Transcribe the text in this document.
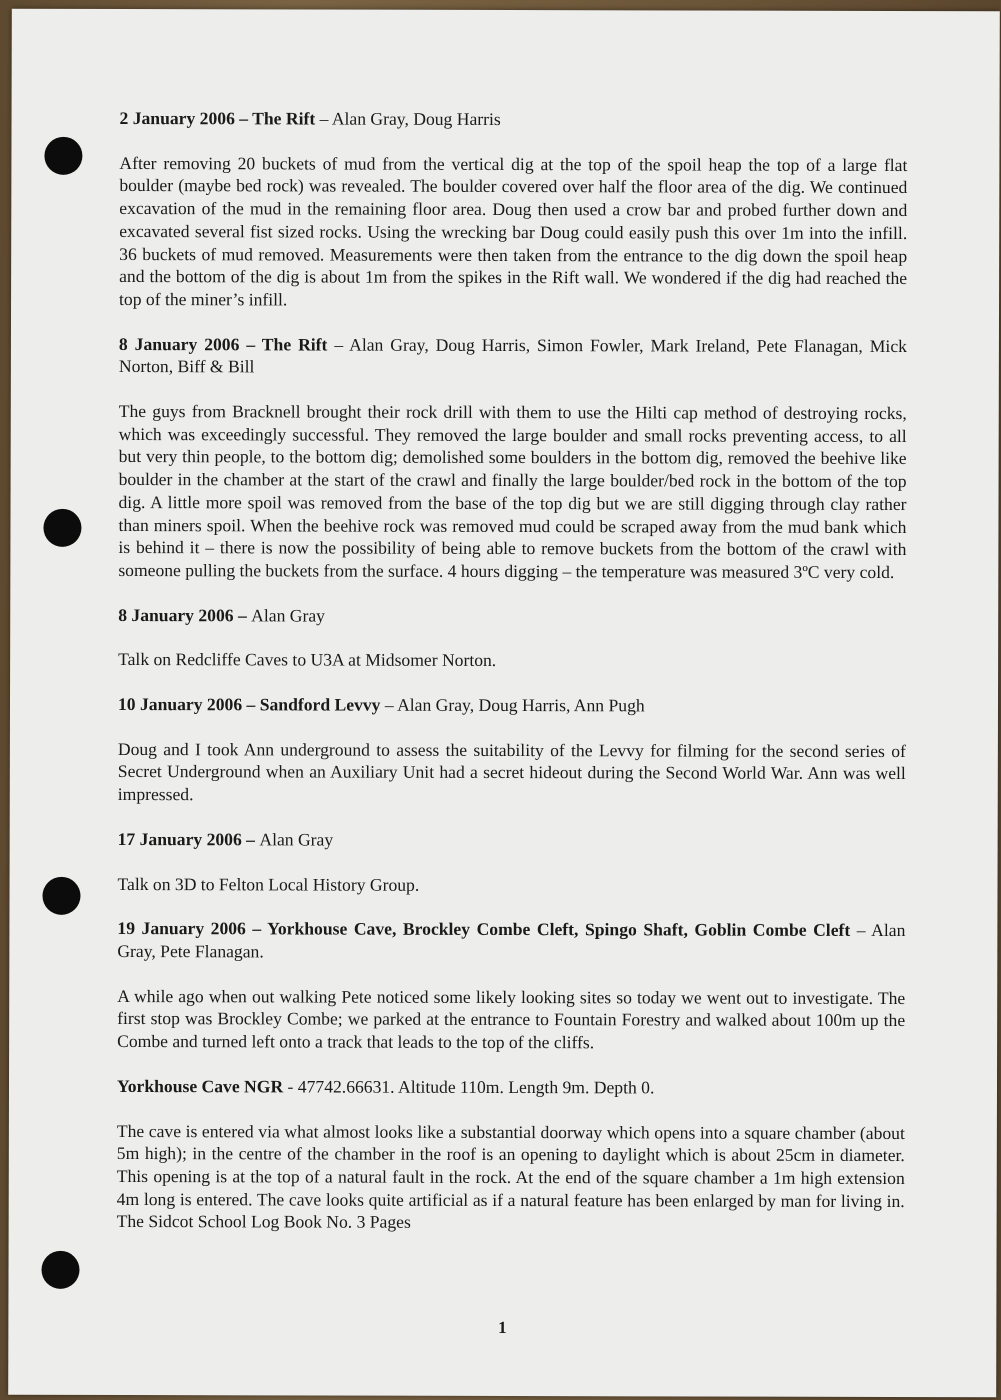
2 January 2006 – The Rift – Alan Gray, Doug Harris

After removing 20 buckets of mud from the vertical dig at the top of the spoil heap the top of a large flat boulder (maybe bed rock) was revealed. The boulder covered over half the floor area of the dig. We continued excavation of the mud in the remaining floor area. Doug then used a crow bar and probed further down and excavated several fist sized rocks. Using the wrecking bar Doug could easily push this over 1m into the infill. 36 buckets of mud removed. Measurements were then taken from the entrance to the dig down the spoil heap and the bottom of the dig is about 1m from the spikes in the Rift wall. We wondered if the dig had reached the top of the miner’s infill.

8 January 2006 – The Rift – Alan Gray, Doug Harris, Simon Fowler, Mark Ireland, Pete Flanagan, Mick Norton, Biff & Bill

The guys from Bracknell brought their rock drill with them to use the Hilti cap method of destroying rocks, which was exceedingly successful. They removed the large boulder and small rocks preventing access, to all but very thin people, to the bottom dig; demolished some boulders in the bottom dig, removed the beehive like boulder in the chamber at the start of the crawl and finally the large boulder/bed rock in the bottom of the top dig. A little more spoil was removed from the base of the top dig but we are still digging through clay rather than miners spoil. When the beehive rock was removed mud could be scraped away from the mud bank which is behind it – there is now the possibility of being able to remove buckets from the bottom of the crawl with someone pulling the buckets from the surface. 4 hours digging – the temperature was measured 3ºC very cold.

8 January 2006 – Alan Gray

Talk on Redcliffe Caves to U3A at Midsomer Norton.

10 January 2006 – Sandford Levvy – Alan Gray, Doug Harris, Ann Pugh

Doug and I took Ann underground to assess the suitability of the Levvy for filming for the second series of Secret Underground when an Auxiliary Unit had a secret hideout during the Second World War. Ann was well impressed.

17 January 2006 – Alan Gray

Talk on 3D to Felton Local History Group.

19 January 2006 – Yorkhouse Cave, Brockley Combe Cleft, Spingo Shaft, Goblin Combe Cleft – Alan Gray, Pete Flanagan.

A while ago when out walking Pete noticed some likely looking sites so today we went out to investigate. The first stop was Brockley Combe; we parked at the entrance to Fountain Forestry and walked about 100m up the Combe and turned left onto a track that leads to the top of the cliffs.

Yorkhouse Cave NGR - 47742.66631. Altitude 110m. Length 9m. Depth 0.

The cave is entered via what almost looks like a substantial doorway which opens into a square chamber (about 5m high); in the centre of the chamber in the roof is an opening to daylight which is about 25cm in diameter. This opening is at the top of a natural fault in the rock. At the end of the square chamber a 1m high extension 4m long is entered. The cave looks quite artificial as if a natural feature has been enlarged by man for living in. The Sidcot School Log Book No. 3 Pages

1
